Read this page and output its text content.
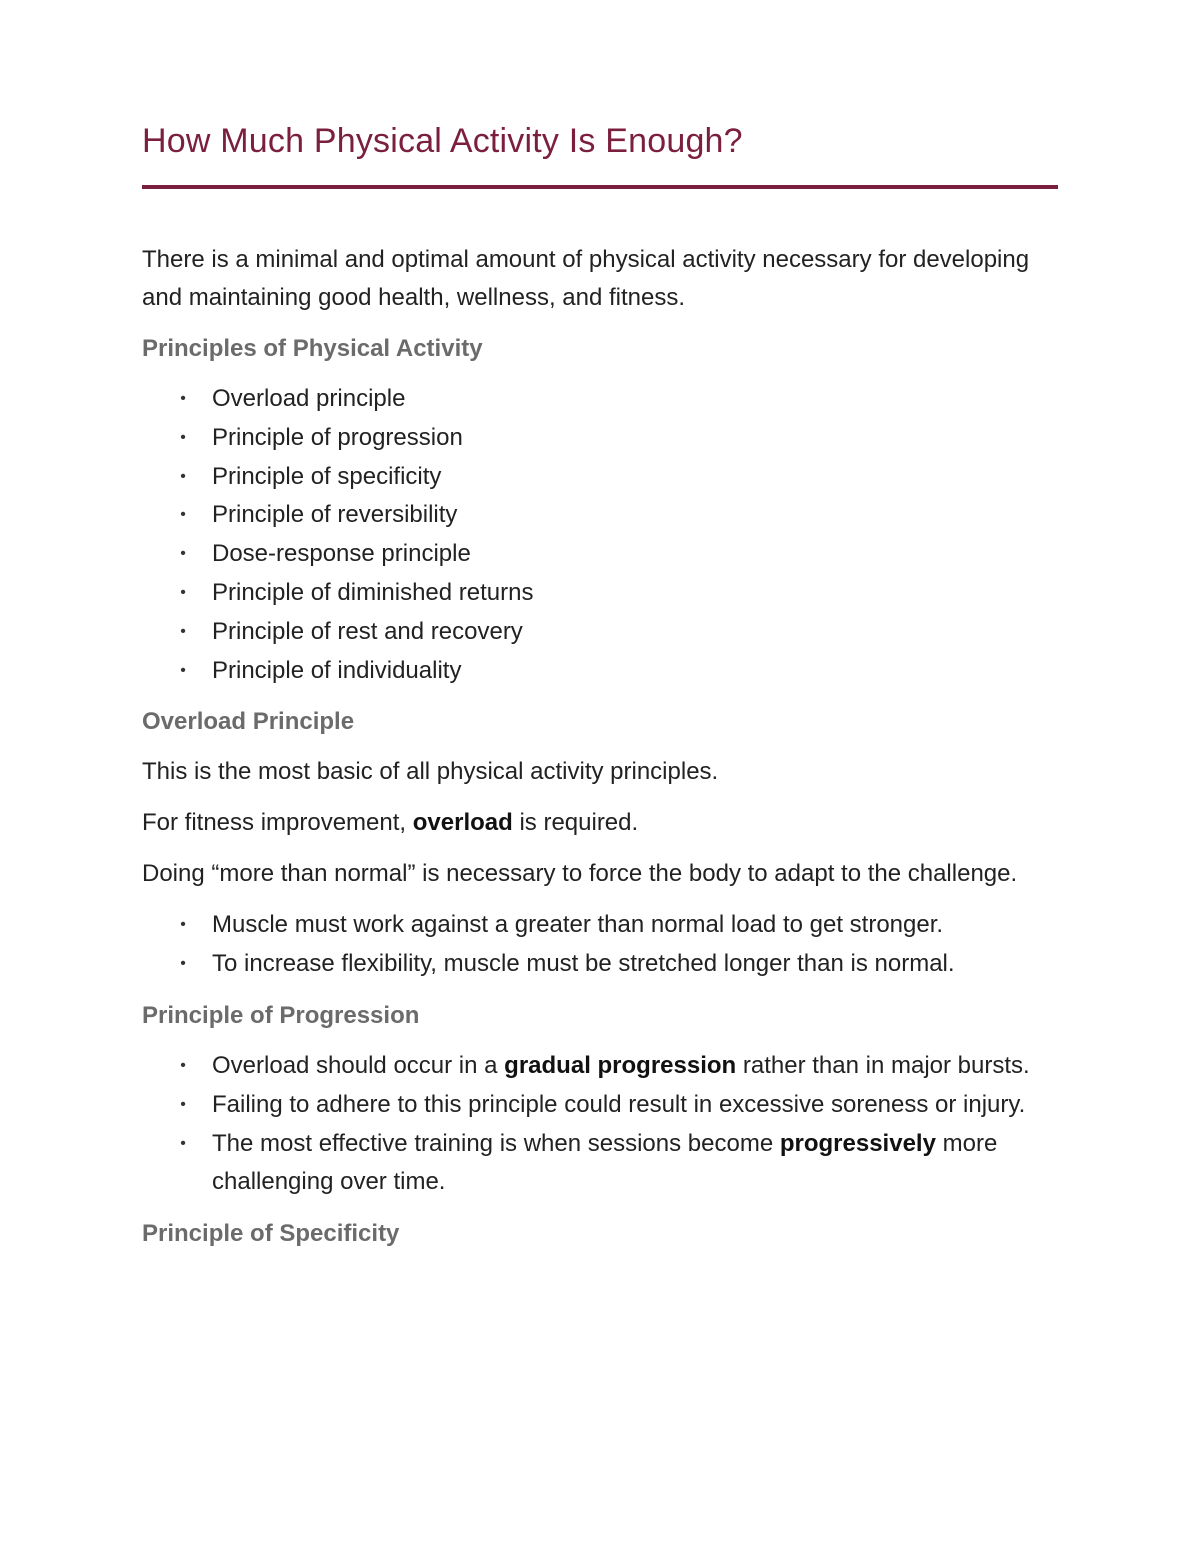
How Much Physical Activity Is Enough?

There is a minimal and optimal amount of physical activity necessary for developing and maintaining good health, wellness, and fitness.

Principles of Physical Activity
• Overload principle
• Principle of progression
• Principle of specificity
• Principle of reversibility
• Dose-response principle
• Principle of diminished returns
• Principle of rest and recovery
• Principle of individuality
Overload Principle

This is the most basic of all physical activity principles.

For fitness improvement, overload is required.

Doing “more than normal” is necessary to force the body to adapt to the challenge.

• Muscle must work against a greater than normal load to get stronger.
• To increase flexibility, muscle must be stretched longer than is normal.
Principle of Progression
• Overload should occur in a gradual progression rather than in major bursts.
• Failing to adhere to this principle could result in excessive soreness or injury.
• The most effective training is when sessions become progressively more challenging over time.
Principle of Specificity
